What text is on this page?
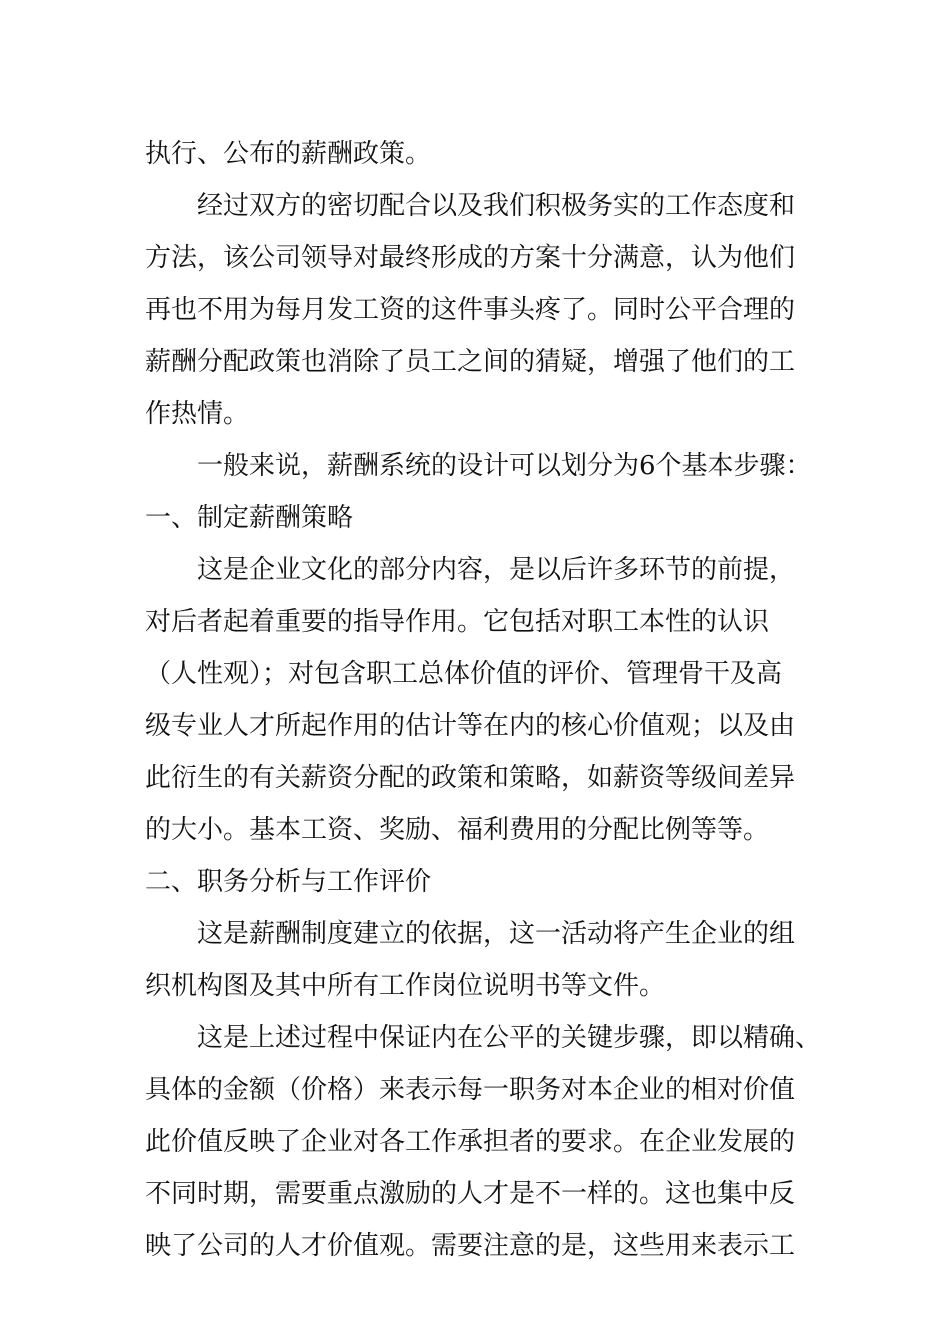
执行、公布的薪酬政策。
经过双方的密切配合以及我们积极务实的工作态度和
方法，该公司领导对最终形成的方案十分满意，认为他们
再也不用为每月发工资的这件事头疼了。同时公平合理的
薪酬分配政策也消除了员工之间的猜疑，增强了他们的工
作热情。
一般来说，薪酬系统的设计可以划分为6个基本步骤：
一、制定薪酬策略
这是企业文化的部分内容，是以后许多环节的前提，
对后者起着重要的指导作用。它包括对职工本性的认识
（人性观）；对包含职工总体价值的评价、管理骨干及高
级专业人才所起作用的估计等在内的核心价值观；以及由
此衍生的有关薪资分配的政策和策略，如薪资等级间差异
的大小。基本工资、奖励、福利费用的分配比例等等。
二、职务分析与工作评价
这是薪酬制度建立的依据，这一活动将产生企业的组
织机构图及其中所有工作岗位说明书等文件。
这是上述过程中保证内在公平的关键步骤，即以精确、
具体的金额（价格）来表示每一职务对本企业的相对价值
此价值反映了企业对各工作承担者的要求。在企业发展的
不同时期，需要重点激励的人才是不一样的。这也集中反
映了公司的人才价值观。需要注意的是，这些用来表示工
